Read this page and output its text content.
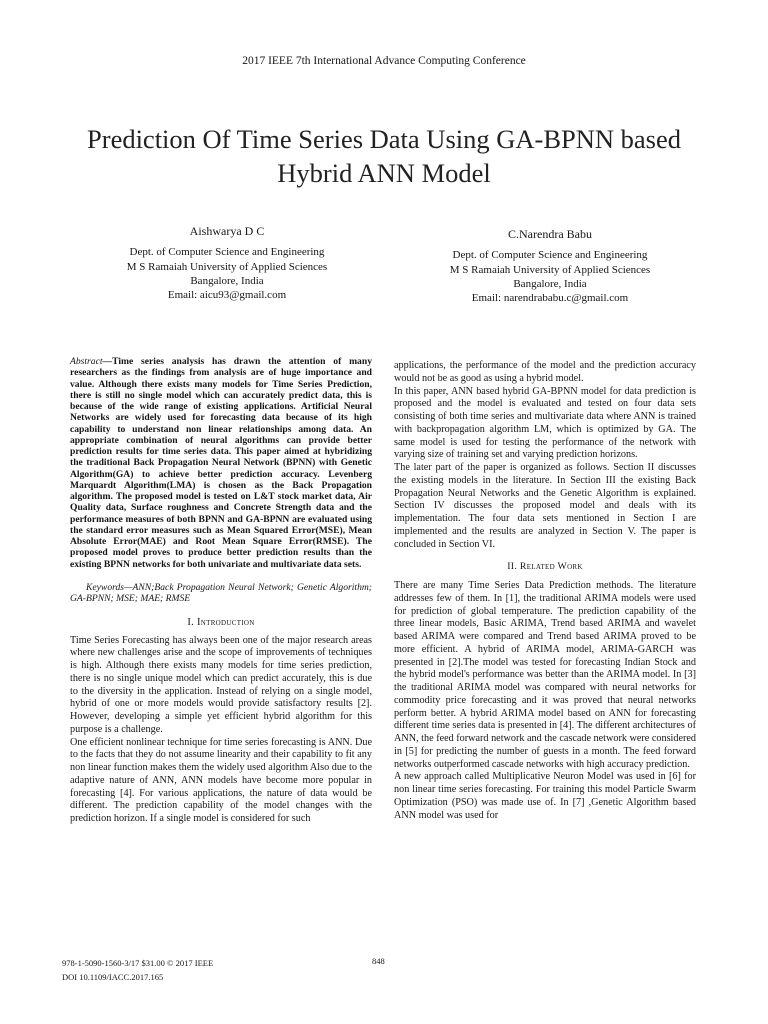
2017 IEEE 7th International Advance Computing Conference
Prediction Of Time Series Data Using GA-BPNN based Hybrid ANN Model
Aishwarya D C
Dept. of Computer Science and Engineering
M S Ramaiah University of Applied Sciences
Bangalore, India
Email: aicu93@gmail.com
C.Narendra Babu
Dept. of Computer Science and Engineering
M S Ramaiah University of Applied Sciences
Bangalore, India
Email: narendrababu.c@gmail.com

Abstract—Time series analysis has drawn the attention of many researchers as the findings from analysis are of huge importance and value. Although there exists many models for Time Series Prediction, there is still no single model which can accurately predict data, this is because of the wide range of existing applications. Artificial Neural Networks are widely used for forecasting data because of its high capability to understand non linear relationships among data. An appropriate combination of neural algorithms can provide better prediction results for time series data. This paper aimed at hybridizing the traditional Back Propagation Neural Network (BPNN) with Genetic Algorithm(GA) to achieve better prediction accuracy. Levenberg Marquardt Algorithm(LMA) is chosen as the Back Propagation algorithm. The proposed model is tested on L&T stock market data, Air Quality data, Surface roughness and Concrete Strength data and the performance measures of both BPNN and GA-BPNN are evaluated using the standard error measures such as Mean Squared Error(MSE), Mean Absolute Error(MAE) and Root Mean Square Error(RMSE). The proposed model proves to produce better prediction results than the existing BPNN networks for both univariate and multivariate data sets.

Keywords—ANN;Back Propagation Neural Network; Genetic Algorithm; GA-BPNN; MSE; MAE; RMSE

I. Introduction

Time Series Forecasting has always been one of the major research areas where new challenges arise and the scope of improvements of techniques is high. Although there exists many models for time series prediction, there is no single unique model which can predict accurately, this is due to the diversity in the application. Instead of relying on a single model, hybrid of one or more models would provide satisfactory results [2]. However, developing a simple yet efficient hybrid algorithm for this purpose is a challenge.

One efficient nonlinear technique for time series forecasting is ANN. Due to the facts that they do not assume linearity and their capability to fit any non linear function makes them the widely used algorithm Also due to the adaptive nature of ANN, ANN models have become more popular in forecasting [4]. For various applications, the nature of data would be different. The prediction capability of the model changes with the prediction horizon. If a single model is considered for such

applications, the performance of the model and the prediction accuracy would not be as good as using a hybrid model.

In this paper, ANN based hybrid GA-BPNN model for data prediction is proposed and the model is evaluated and tested on four data sets consisting of both time series and multivariate data where ANN is trained with backpropagation algorithm LM, which is optimized by GA. The same model is used for testing the performance of the network with varying size of training set and varying prediction horizons.

The later part of the paper is organized as follows. Section II discusses the existing models in the literature. In Section III the existing Back Propagation Neural Networks and the Genetic Algorithm is explained. Section IV discusses the proposed model and deals with its implementation. The four data sets mentioned in Section I are implemented and the results are analyzed in Section V. The paper is concluded in Section VI.

II. Related Work

There are many Time Series Data Prediction methods. The literature addresses few of them. In [1], the traditional ARIMA models were used for prediction of global temperature. The prediction capability of the three linear models, Basic ARIMA, Trend based ARIMA and wavelet based ARIMA were compared and Trend based ARIMA proved to be more efficient. A hybrid of ARIMA model, ARIMA-GARCH was presented in [2].The model was tested for forecasting Indian Stock and the hybrid model's performance was better than the ARIMA model. In [3] the traditional ARIMA model was compared with neural networks for commodity price forecasting and it was proved that neural networks perform better. A hybrid ARIMA model based on ANN for forecasting different time series data is presented in [4]. The different architectures of ANN, the feed forward network and the cascade network were considered in [5] for predicting the number of guests in a month. The feed forward networks outperformed cascade networks with high accuracy prediction.

A new approach called Multiplicative Neuron Model was used in [6] for non linear time series forecasting. For training this model Particle Swarm Optimization (PSO) was made use of. In [7] ,Genetic Algorithm based ANN model was used for

978-1-5090-1560-3/17 $31.00 © 2017 IEEE
DOI 10.1109/IACC.2017.165
848
